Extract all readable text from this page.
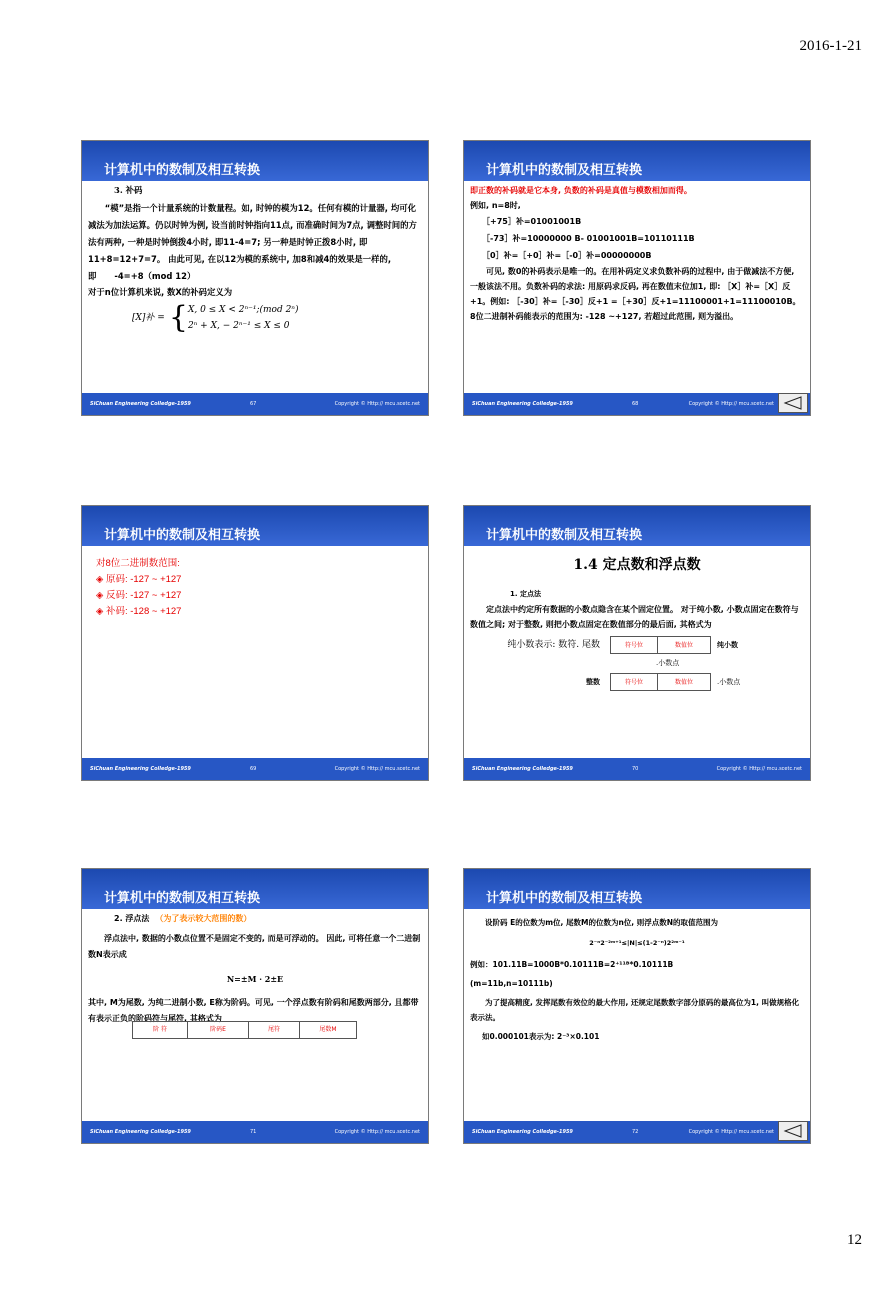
2016-1-21
计算机中的数制及相互转换

3. 补码

“模”是指一个计量系统的计数量程。如, 时钟的模为12。任何有模的计量器, 均可化减法为加法运算。仍以时钟为例, 设当前时钟指向11点, 而准确时间为7点, 调整时间的方法有两种, 一种是时钟倒拨4小时, 即11-4=7; 另一种是时钟正拨8小时, 即11+8=12+7=7。 由此可见, 在以12为模的系统中, 加8和减4的效果是一样的, 即 -4=+8（mod 12）

对于n位计算机来说, 数X的补码定义为

[X]补 = { X, 0 ≤ X < 2ⁿ⁻¹;(mod 2ⁿ)
2ⁿ + X, − 2ⁿ⁻¹ ≤ X ≤ 0
SiChuan Engineering Colledge-1959	67	Copyright © Http:// mcu.scetc.net
计算机中的数制及相互转换

即正数的补码就是它本身, 负数的补码是真值与模数相加而得。

例如, n=8时,

［+75］补=01001001B

［-73］补=10000000 B- 01001001B=10110111B

［0］补=［+0］补=［-0］补=00000000B

可见, 数0的补码表示是唯一的。在用补码定义求负数补码的过程中, 由于做减法不方便, 一般该法不用。负数补码的求法: 用原码求反码, 再在数值末位加1, 即: ［X］补=［X］反+1。例如: ［-30］补=［-30］反+1 =［+30］反+1=11100001+1=11100010B。 8位二进制补码能表示的范围为: -128 ~+127, 若超过此范围, 则为溢出。

SiChuan Engineering Colledge-1959	68	Copyright © Http:// mcu.scetc.net
计算机中的数制及相互转换

对8位二进制数范围:

◈ 原码: -127 ~ +127

◈ 反码: -127 ~ +127

◈ 补码: -128 ~ +127

SiChuan Engineering Colledge-1959	69	Copyright © Http:// mcu.scetc.net
计算机中的数制及相互转换

1.4 定点数和浮点数

1. 定点法

定点法中约定所有数据的小数点隐含在某个固定位置。 对于纯小数, 小数点固定在数符与数值之间; 对于整数, 则把小数点固定在数值部分的最后面, 其格式为

纯小数表示: 数符. 尾数	符号位	数值位	纯小数
.小数点
整数	符号位	数值位	.小数点
SiChuan Engineering Colledge-1959	70	Copyright © Http:// mcu.scetc.net
计算机中的数制及相互转换

2. 浮点法 （为了表示较大范围的数）

浮点法中, 数据的小数点位置不是固定不变的, 而是可浮动的。 因此, 可将任意一个二进制数N表示成

N=±M · 2±E

其中, M为尾数, 为纯二进制小数, E称为阶码。可见, 一个浮点数有阶码和尾数两部分, 且都带有表示正负的阶码符与尾符, 其格式为

阶 符	阶码E	尾符	尾数M
SiChuan Engineering Colledge-1959	71	Copyright © Http:// mcu.scetc.net
计算机中的数制及相互转换

设阶码 E的位数为m位, 尾数M的位数为n位, 则浮点数N的取值范围为

2⁻ⁿ2⁻²ᵐ⁺¹≤|N|≤(1-2⁻ⁿ)2²ᵐ⁻¹

例如：101.11B=1000B*0.10111B=2⁺¹¹ᴮ*0.10111B

(m=11b,n=10111b)

为了提高精度, 发挥尾数有效位的最大作用, 还规定尾数数字部分原码的最高位为1, 叫做规格化表示法。

如0.000101表示为: 2⁻³×0.101

SiChuan Engineering Colledge-1959	72	Copyright © Http:// mcu.scetc.net
12
